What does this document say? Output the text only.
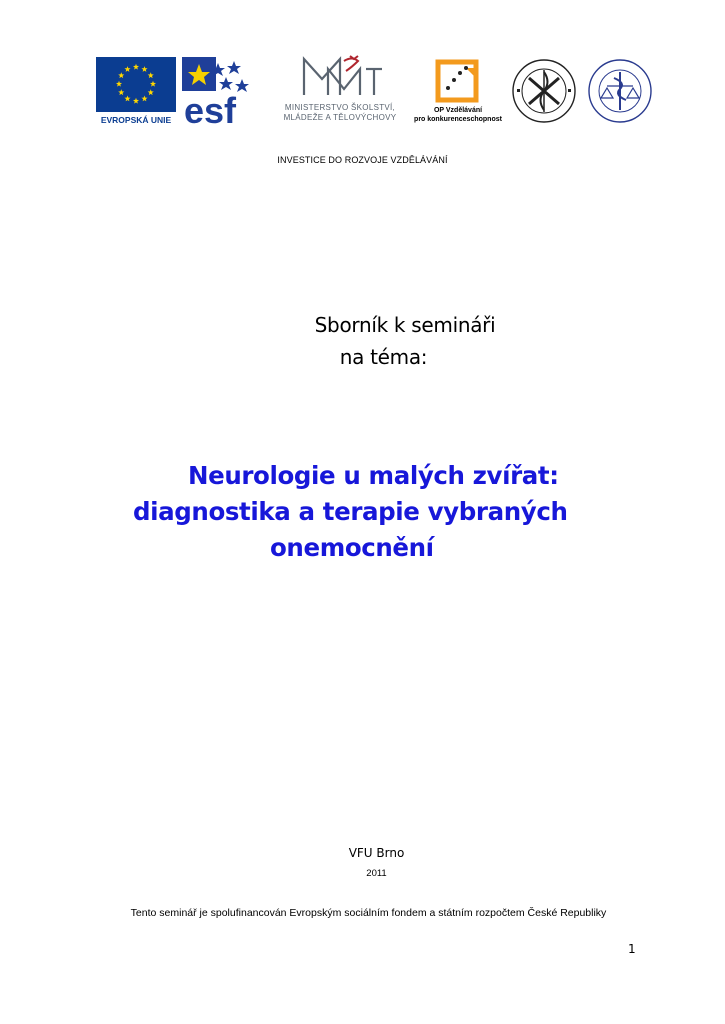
EVROPSKÁ UNIE esf	MINISTERSTVO ŠKOLSTVÍ,
MLÁDEŽE A TĚLOVÝCHOVY
OP Vzdělávání
pro konkurenceschopnost
INVESTICE DO ROZVOJE VZDĚLÁVÁNÍ
Sborník k semináři
na téma:
Neurologie u malých zvířat:
diagnostika a terapie vybraných
onemocnění
VFU Brno
2011
Tento seminář je spolufinancován Evropským sociálním fondem a státním rozpočtem České Republiky
1
